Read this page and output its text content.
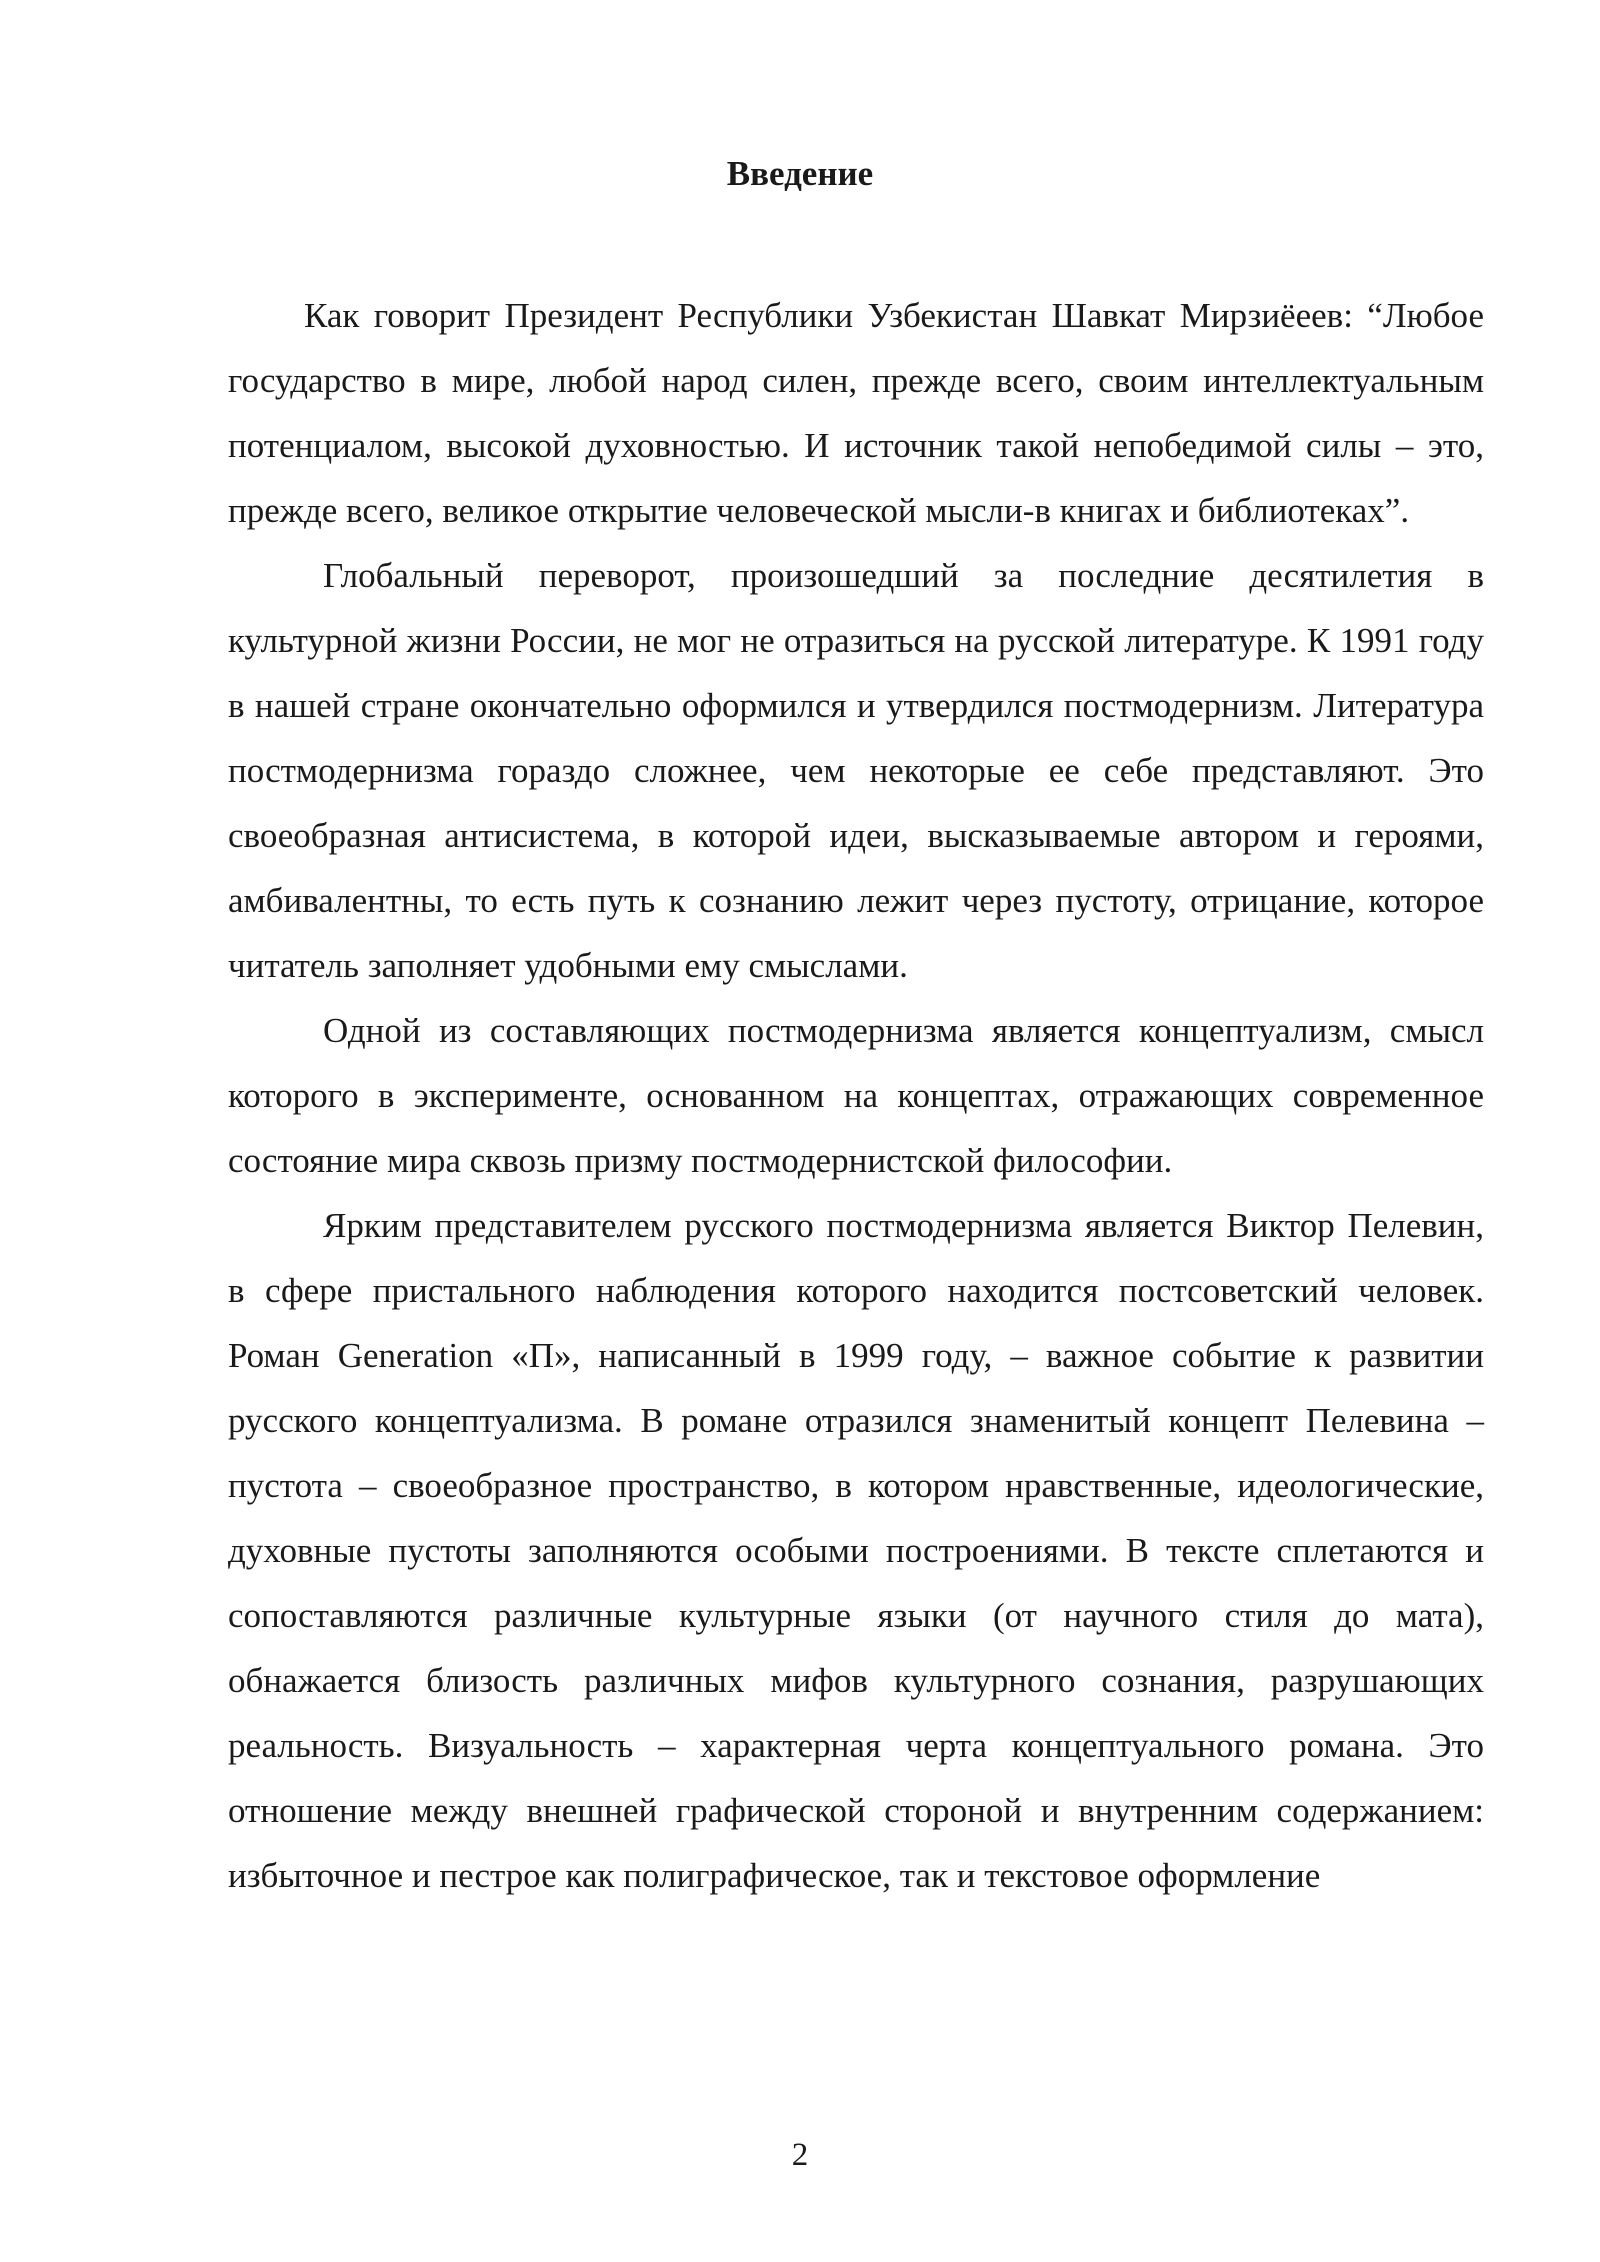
Введение

Как говорит Президент Республики Узбекистан Шавкат Мирзиёеев: “Любое государство в мире, любой народ силен, прежде всего, своим интеллектуальным потенциалом, высокой духовностью. И источник такой непобедимой силы – это, прежде всего, великое открытие человеческой мысли-в книгах и библиотеках”.

Глобальный переворот, произошедший за последние десятилетия в культурной жизни России, не мог не отразиться на русской литературе. К 1991 году в нашей стране окончательно оформился и утвердился постмодернизм. Литература постмодернизма гораздо сложнее, чем некоторые ее себе представляют. Это своеобразная антисистема, в которой идеи, высказываемые автором и героями, амбивалентны, то есть путь к сознанию лежит через пустоту, отрицание, которое читатель заполняет удобными ему смыслами.

Одной из составляющих постмодернизма является концептуализм, смысл которого в эксперименте, основанном на концептах, отражающих современное состояние мира сквозь призму постмодернистской философии.

Ярким представителем русского постмодернизма является Виктор Пелевин, в сфере пристального наблюдения которого находится постсоветский человек. Роман Generation «П», написанный в 1999 году, – важное событие к развитии русского концептуализма. В романе отразился знаменитый концепт Пелевина – пустота – своеобразное пространство, в котором нравственные, идеологические, духовные пустоты заполняются особыми построениями. В тексте сплетаются и сопоставляются различные культурные языки (от научного стиля до мата), обнажается близость различных мифов культурного сознания, разрушающих реальность. Визуальность – характерная черта концептуального романа. Это отношение между внешней графической стороной и внутренним содержанием: избыточное и пестрое как полиграфическое, так и текстовое оформление

2
